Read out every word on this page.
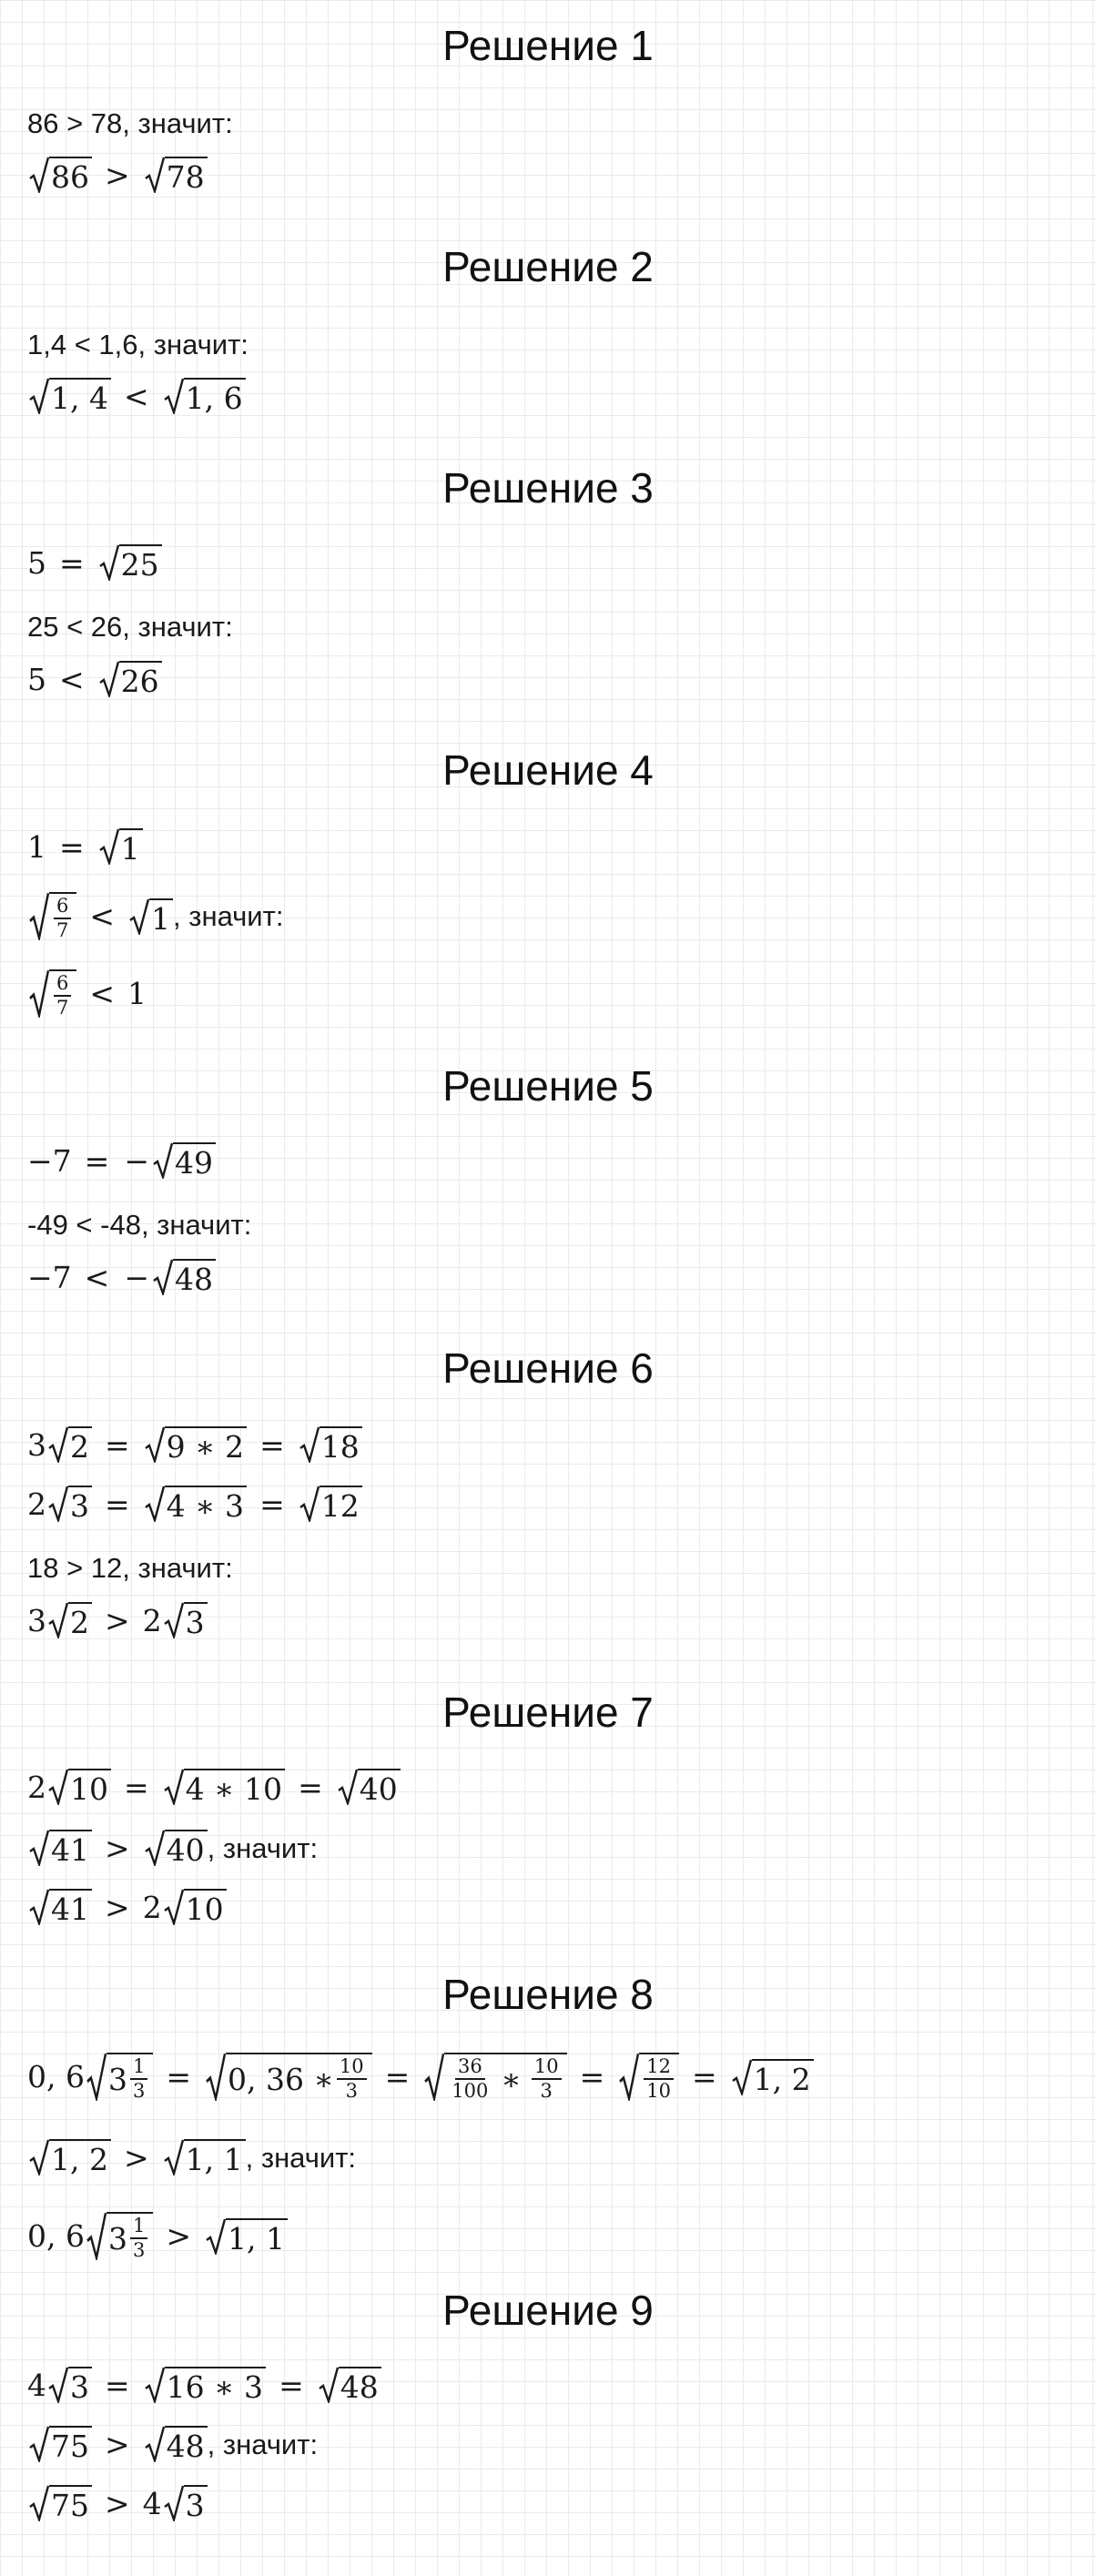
Решение 1
86 > 78, значит:
86 > 78
Решение 2
1,4 < 1,6, значит:
1, 4 < 1, 6
Решение 3
5 = 25
25 < 26, значит:
5 < 26
Решение 4
1 = 1
$\frac{6}{7} < 1$ , значит:
$\frac{6}{7} < 1$
Решение 5
−7 = − 49
-49 < -48, значит:
−7 < − 48
Решение 6
3 2 = 9 ∗ 2 = 18
2 3 = 4 ∗ 3 = 12
18 > 12, значит:
3 2 > 2 3
Решение 7
2 10 = 4 ∗ 10 = 40
41 > 40 , значит:
41 > 2 10
Решение 8
0, 6 $3 \frac{1}{3} = 0$, 36 ∗ $\frac{10}{3} = \frac{36}{100}$ ∗ $\frac{10}{3} = \frac{12}{10} = 1$, 2
1, 2 > 1, 1 , значит:
0, 6 $3 \frac{1}{3} > 1$, 1
Решение 9
4 3 = 16 ∗ 3 = 48
75 > 48 , значит:
75 > 4 3
